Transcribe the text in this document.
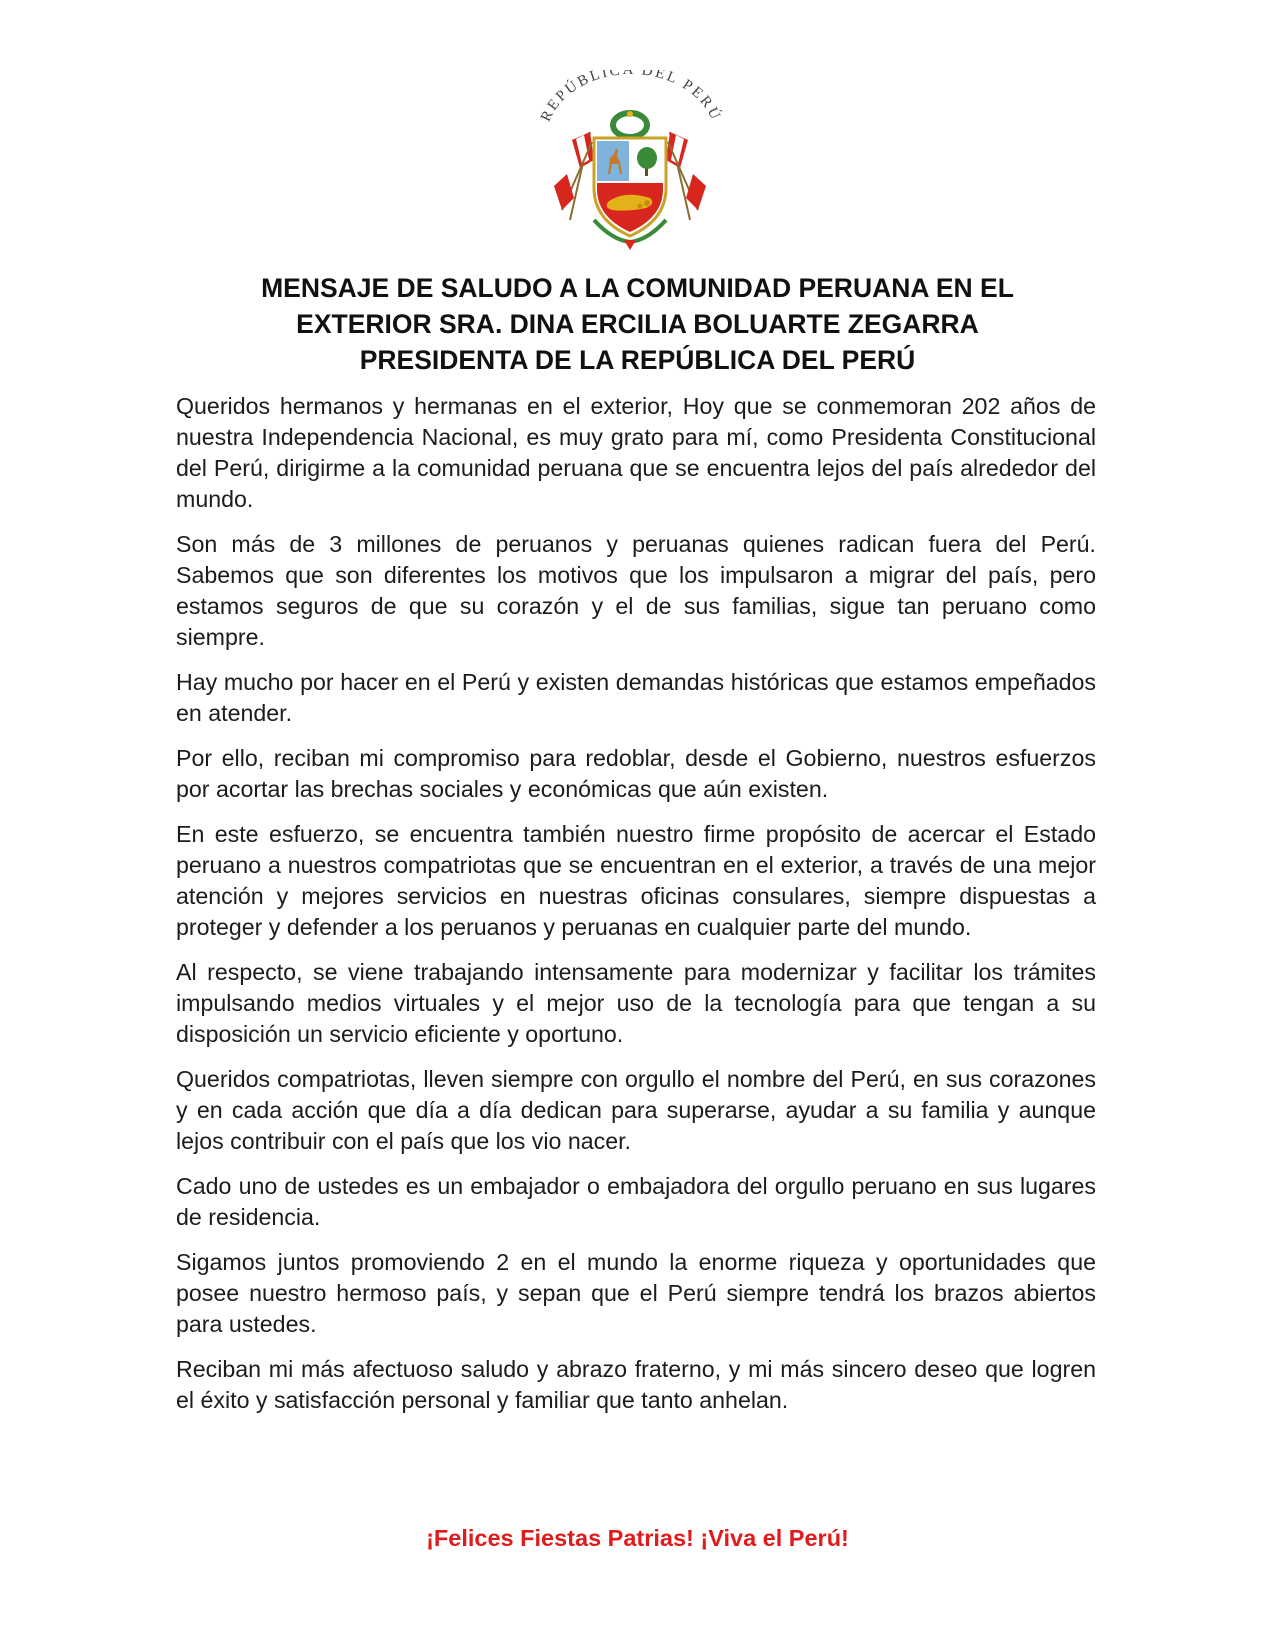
REPÚBLICA DEL PERÚ
MENSAJE DE SALUDO A LA COMUNIDAD PERUANA EN EL
EXTERIOR SRA. DINA ERCILIA BOLUARTE ZEGARRA
PRESIDENTA DE LA REPÚBLICA DEL PERÚ

Queridos hermanos y hermanas en el exterior, Hoy que se conmemoran 202 años de nuestra Independencia Nacional, es muy grato para mí, como Presidenta Constitucional del Perú, dirigirme a la comunidad peruana que se encuentra lejos del país alrededor del mundo.

Son más de 3 millones de peruanos y peruanas quienes radican fuera del Perú. Sabemos que son diferentes los motivos que los impulsaron a migrar del país, pero estamos seguros de que su corazón y el de sus familias, sigue tan peruano como siempre.

Hay mucho por hacer en el Perú y existen demandas históricas que estamos empeñados en atender.

Por ello, reciban mi compromiso para redoblar, desde el Gobierno, nuestros esfuerzos por acortar las brechas sociales y económicas que aún existen.

En este esfuerzo, se encuentra también nuestro firme propósito de acercar el Estado peruano a nuestros compatriotas que se encuentran en el exterior, a través de una mejor atención y mejores servicios en nuestras oficinas consulares, siempre dispuestas a proteger y defender a los peruanos y peruanas en cualquier parte del mundo.

Al respecto, se viene trabajando intensamente para modernizar y facilitar los trámites impulsando medios virtuales y el mejor uso de la tecnología para que tengan a su disposición un servicio eficiente y oportuno.

Queridos compatriotas, lleven siempre con orgullo el nombre del Perú, en sus corazones y en cada acción que día a día dedican para superarse, ayudar a su familia y aunque lejos contribuir con el país que los vio nacer.

Cado uno de ustedes es un embajador o embajadora del orgullo peruano en sus lugares de residencia.

Sigamos juntos promoviendo 2 en el mundo la enorme riqueza y oportunidades que posee nuestro hermoso país, y sepan que el Perú siempre tendrá los brazos abiertos para ustedes.

Reciban mi más afectuoso saludo y abrazo fraterno, y mi más sincero deseo que logren el éxito y satisfacción personal y familiar que tanto anhelan.

¡Felices Fiestas Patrias! ¡Viva el Perú!
